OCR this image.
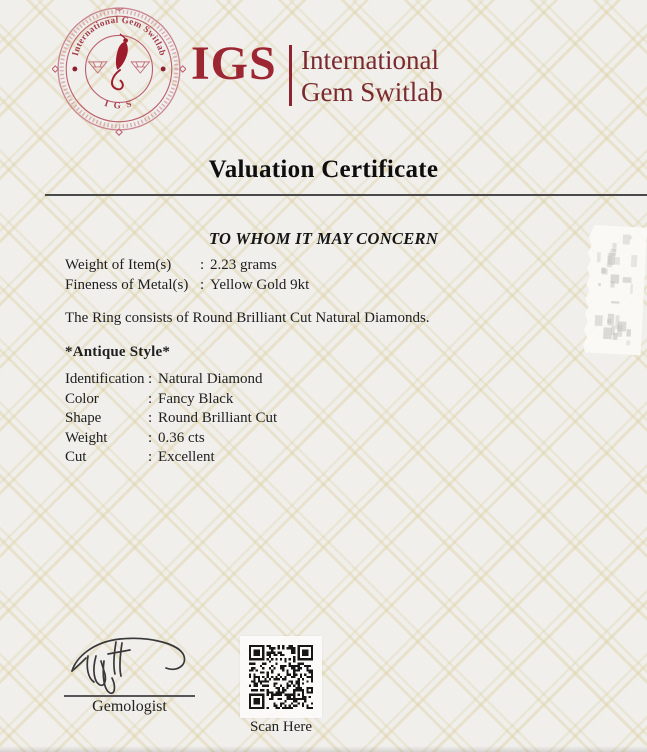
International Gem Switlab
I G S
IGS International
Gem Switlab
Valuation Certificate
TO WHOM IT MAY CONCERN
Weight of Item(s)	: 2.23 grams
Fineness of Metal(s) : Yellow Gold 9kt
The Ring consists of Round Brilliant Cut Natural Diamonds.
*Antique Style*
Identification : Natural Diamond
Color	: Fancy Black
Shape	: Round Brilliant Cut
Weight	: 0.36 cts
Cut	: Excellent
Gemologist
Scan Here
